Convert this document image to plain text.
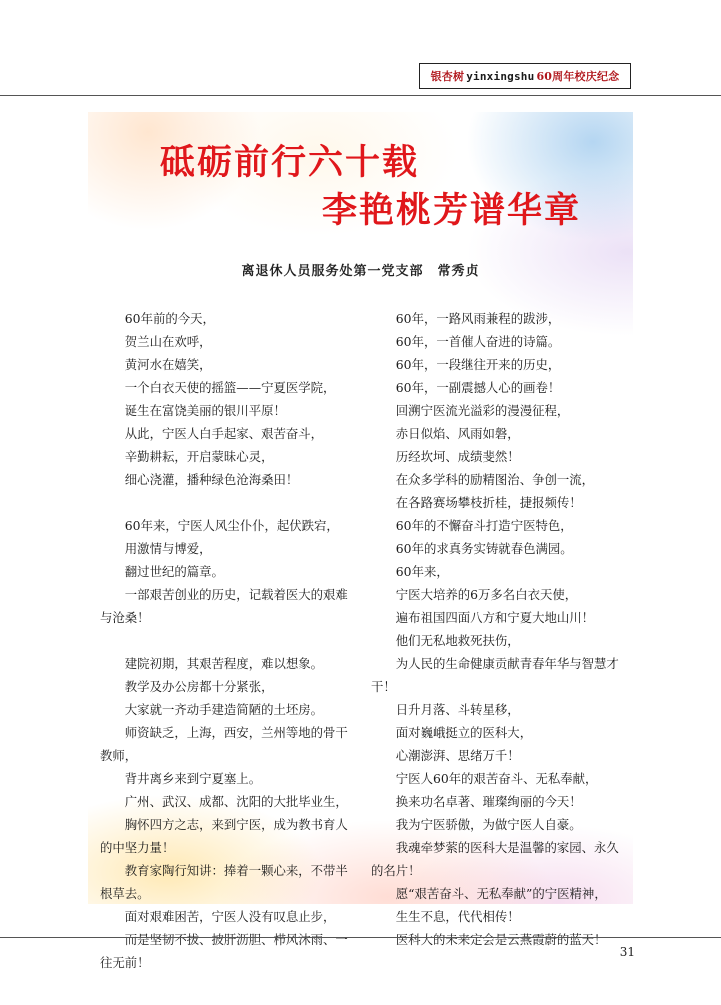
银杏树 yinxingshu 60周年校庆纪念
砥砺前行六十载
李艳桃芳谱华章
离退休人员服务处第一党支部　常秀贞
60年前的今天，
贺兰山在欢呼，
黄河水在嬉笑，
一个白衣天使的摇篮——宁夏医学院，
诞生在富饶美丽的银川平原！
从此，宁医人白手起家、艰苦奋斗，
辛勤耕耘，开启蒙昧心灵，
细心浇灌，播种绿色沧海桑田！
60年来，宁医人风尘仆仆，起伏跌宕，
用激情与博爱，
翻过世纪的篇章。
一部艰苦创业的历史，记载着医大的艰难与沧桑！
建院初期，其艰苦程度，难以想象。
教学及办公房都十分紧张，
大家就一齐动手建造简陋的土坯房。
师资缺乏，上海，西安，兰州等地的骨干教师，
背井离乡来到宁夏塞上。
广州、武汉、成都、沈阳的大批毕业生，
胸怀四方之志，来到宁医，成为教书育人的中坚力量！
教育家陶行知讲：捧着一颗心来，不带半根草去。
面对艰难困苦，宁医人没有叹息止步，
而是坚韧不拔、披肝沥胆、栉风沐雨、一往无前！
60年，一路风雨兼程的跋涉，
60年，一首催人奋进的诗篇。
60年，一段继往开来的历史，
60年，一副震撼人心的画卷！
回溯宁医流光溢彩的漫漫征程，
赤日似焰、风雨如磐，
历经坎坷、成绩斐然！
在众多学科的励精图治、争创一流，
在各路赛场攀枝折桂，捷报频传！
60年的不懈奋斗打造宁医特色，
60年的求真务实铸就春色满园。
60年来，
宁医大培养的6万多名白衣天使，
遍布祖国四面八方和宁夏大地山川！
他们无私地救死扶伤，
为人民的生命健康贡献青春年华与智慧才干！
日升月落、斗转星移，
面对巍峨挺立的医科大，
心潮澎湃、思绪万千！
宁医人60年的艰苦奋斗、无私奉献，
换来功名卓著、璀璨绚丽的今天！
我为宁医骄傲，为做宁医人自豪。
我魂牵梦萦的医科大是温馨的家园、永久的名片！
愿“艰苦奋斗、无私奉献”的宁医精神，
生生不息，代代相传！
医科大的未来定会是云燕霞蔚的蓝天！
31
